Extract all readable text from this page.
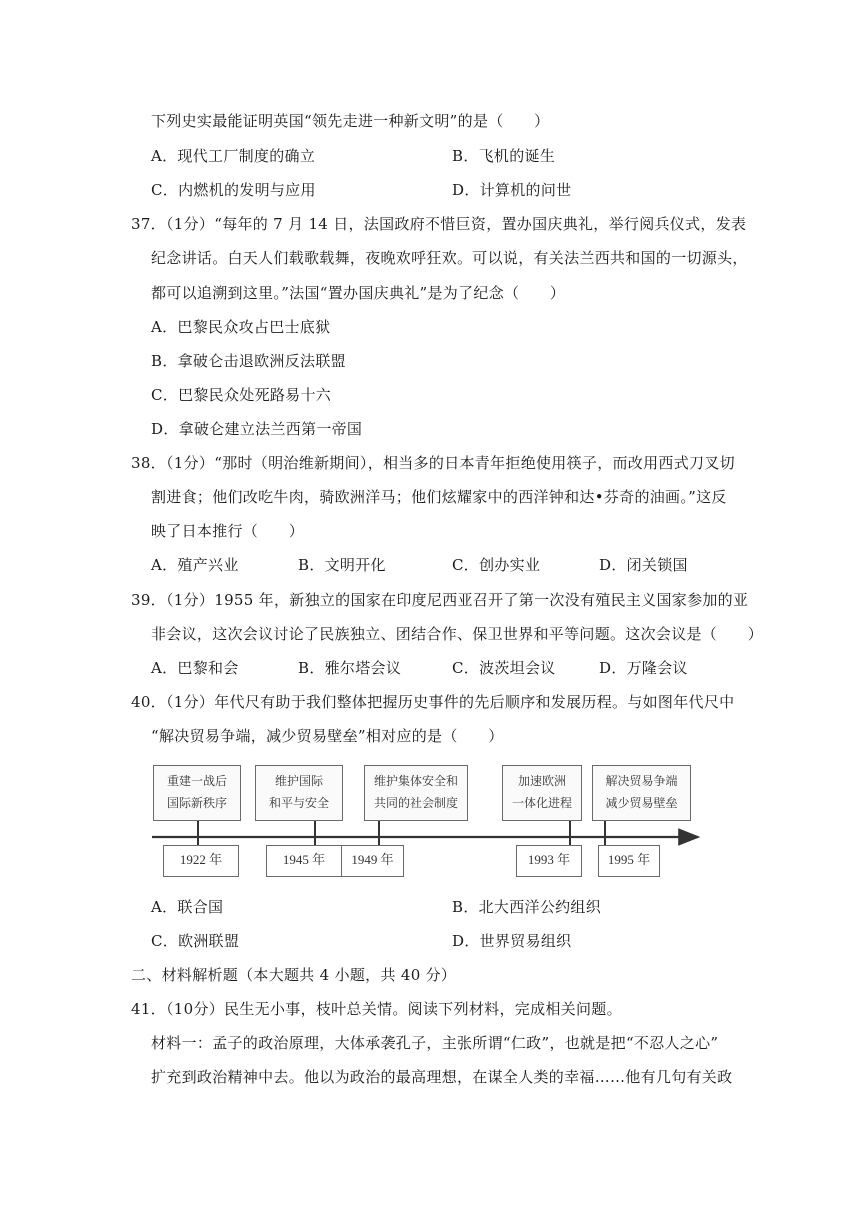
下列史实最能证明英国“领先走进一种新文明”的是（　　）
A．现代工厂制度的确立	B．飞机的诞生
C．内燃机的发明与应用	D．计算机的问世
37．（1分）“每年的 7 月 14 日，法国政府不惜巨资，置办国庆典礼，举行阅兵仪式，发表
纪念讲话。白天人们载歌载舞，夜晚欢呼狂欢。可以说，有关法兰西共和国的一切源头，
都可以追溯到这里。”法国“置办国庆典礼”是为了纪念（　　）
A．巴黎民众攻占巴士底狱
B．拿破仑击退欧洲反法联盟
C．巴黎民众处死路易十六
D．拿破仑建立法兰西第一帝国
38．（1分）“那时（明治维新期间），相当多的日本青年拒绝使用筷子，而改用西式刀叉切
割进食；他们改吃牛肉，骑欧洲洋马；他们炫耀家中的西洋钟和达•芬奇的油画。”这反
映了日本推行（　　）
A．殖产兴业	B．文明开化	C．创办实业	D．闭关锁国
39．（1分）1955 年，新独立的国家在印度尼西亚召开了第一次没有殖民主义国家参加的亚
非会议，这次会议讨论了民族独立、团结合作、保卫世界和平等问题。这次会议是（　　）
A．巴黎和会	B．雅尔塔会议	C．波茨坦会议	D．万隆会议
40．（1分）年代尺有助于我们整体把握历史事件的先后顺序和发展历程。与如图年代尺中
“解决贸易争端，减少贸易壁垒”相对应的是（　　）
重建一战后
国际新秩序
1922 年
维护国际
和平与安全
1945 年
维护集体安全和
共同的社会制度
1949 年
加速欧洲
一体化进程
1993 年
解决贸易争端
减少贸易壁垒
1995 年
A．联合国	B．北大西洋公约组织
C．欧洲联盟	D．世界贸易组织
二、材料解析题（本大题共 4 小题，共 40 分）
41．（10分）民生无小事，枝叶总关情。阅读下列材料，完成相关问题。
材料一：孟子的政治原理，大体承袭孔子，主张所谓“仁政”，也就是把“不忍人之心”
扩充到政治精神中去。他以为政治的最高理想，在谋全人类的幸福……他有几句有关政
